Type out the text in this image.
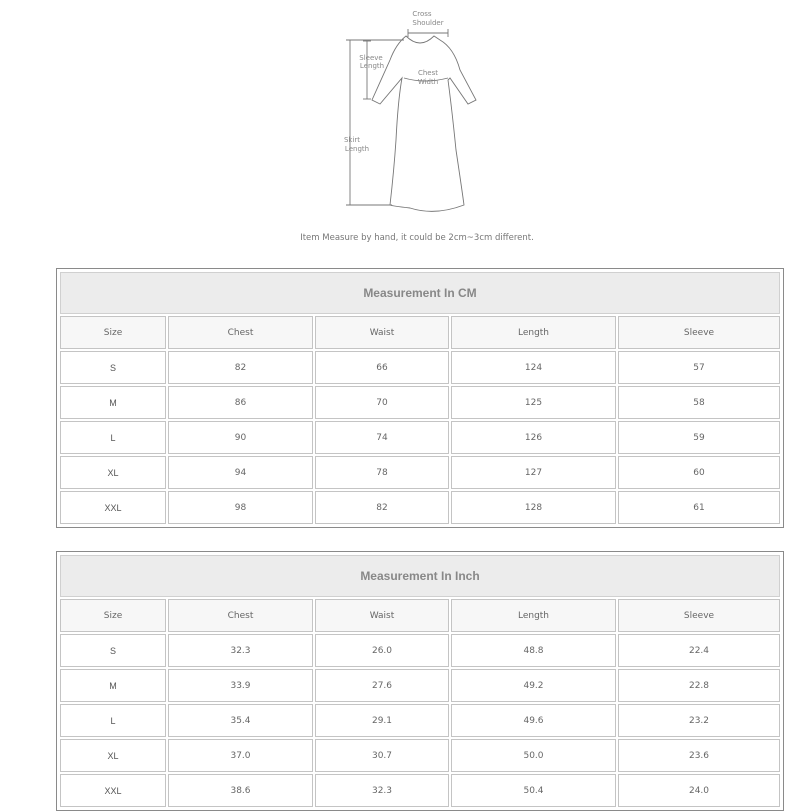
Cross
Shoulder
Sleeve
Length
Chest
Width
Skirt
Length
Item Measure by hand, it could be 2cm~3cm different.
Measurement In CM				
Size	Chest	Waist	Length	Sleeve
S	82	66	124	57
M	86	70	125	58
L	90	74	126	59
XL	94	78	127	60
XXL	98	82	128	61
Measurement In Inch				
Size	Chest	Waist	Length	Sleeve
S	32.3	26.0	48.8	22.4
M	33.9	27.6	49.2	22.8
L	35.4	29.1	49.6	23.2
XL	37.0	30.7	50.0	23.6
XXL	38.6	32.3	50.4	24.0
